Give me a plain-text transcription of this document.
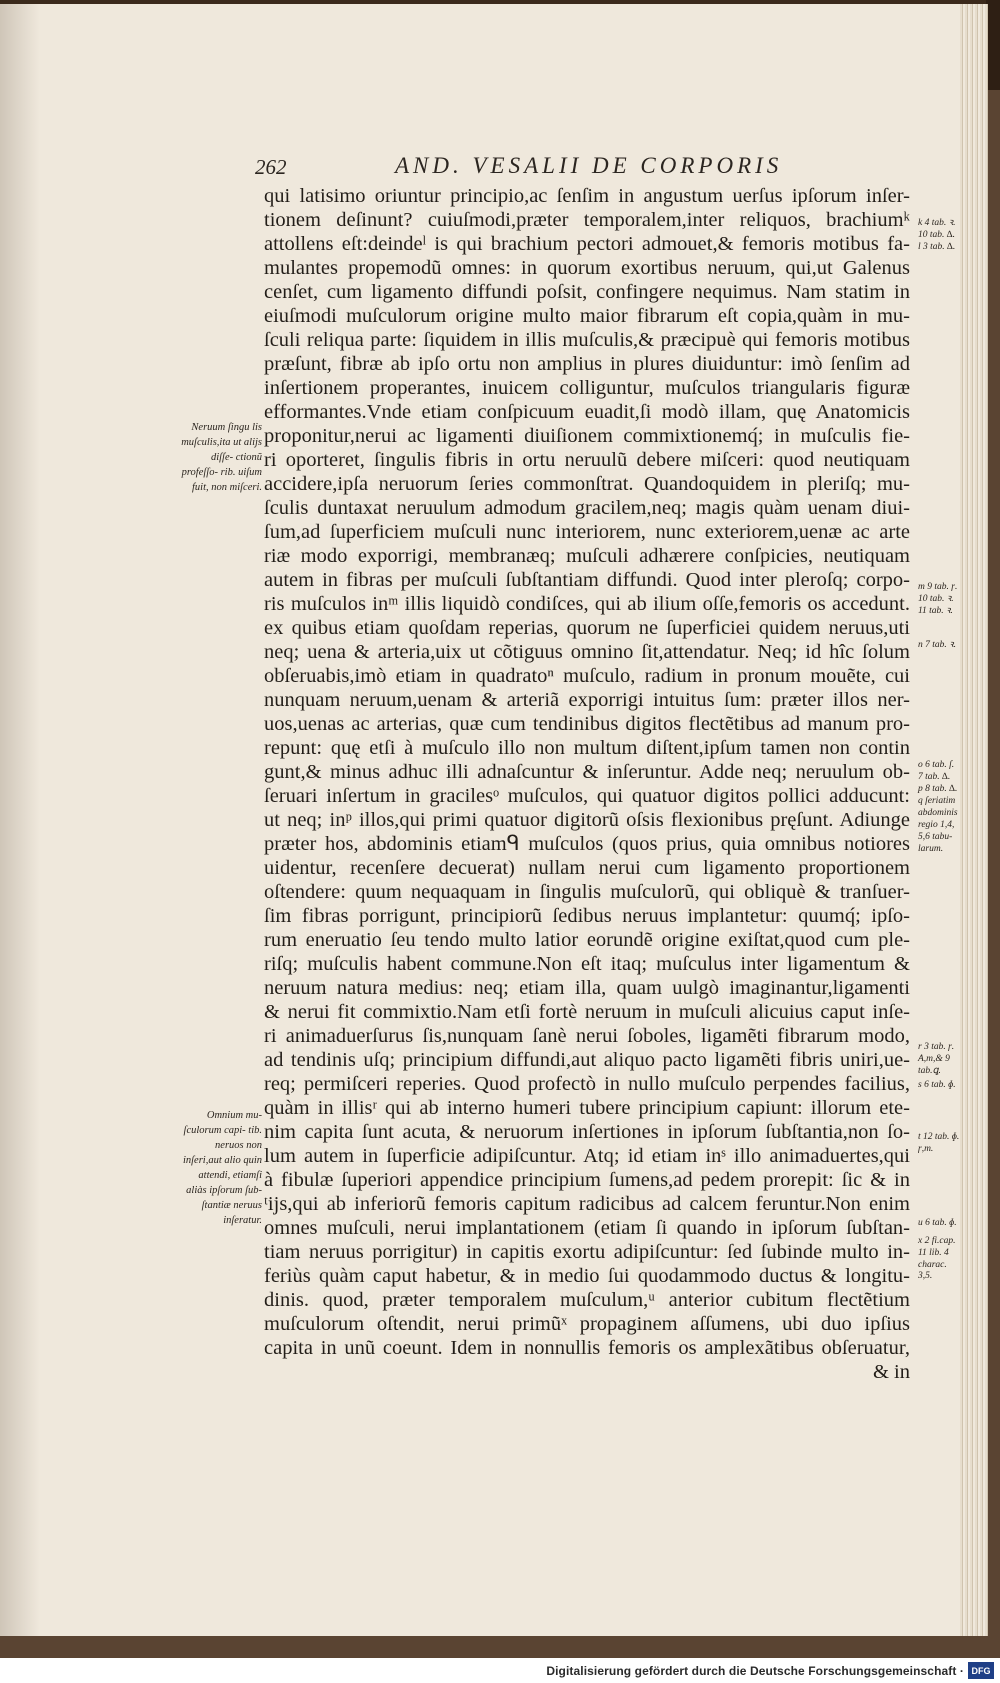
262	AND. VESALII DE CORPORIS
qui latisimo oriuntur principio,ac ſenſim in angustum uerſus ipſorum inſer-
tionem deſinunt? cuiuſmodi,præter temporalem,inter reliquos, brachiumᵏ
attollens eſt:deindeˡ is qui brachium pectori admouet,& femoris motibus fa-
mulantes propemodũ omnes: in quorum exortibus neruum, qui,ut Galenus
cenſet, cum ligamento diffundi poſsit, confingere nequimus. Nam statim in
eiuſmodi muſculorum origine multo maior fibrarum eſt copia,quàm in mu-
ſculi reliqua parte: ſiquidem in illis muſculis,& præcipuè qui femoris motibus
præſunt, fibræ ab ipſo ortu non amplius in plures diuiduntur: imò ſenſim ad
inſertionem properantes, inuicem colliguntur, muſculos triangularis figuræ
efformantes.Vnde etiam conſpicuum euadit,ſi modò illam, quę Anatomicis
proponitur,nerui ac ligamenti diuiſionem commixtionemq́; in muſculis fie-
ri oporteret, ſingulis fibris in ortu neruulũ debere miſceri: quod neutiquam
accidere,ipſa neruorum ſeries commonſtrat. Quandoquidem in pleriſq; mu-
ſculis duntaxat neruulum admodum gracilem,neq; magis quàm uenam diui-
ſum,ad ſuperficiem muſculi nunc interiorem, nunc exteriorem,uenæ ac arte
riæ modo exporrigi, membranæq; muſculi adhærere conſpicies, neutiquam
autem in fibras per muſculi ſubſtantiam diffundi. Quod inter pleroſq; corpo-
ris muſculos inᵐ illis liquidò condiſces, qui ab ilium oſſe,femoris os accedunt.
ex quibus etiam quoſdam reperias, quorum ne ſuperficiei quidem neruus,uti
neq; uena & arteria,uix ut cõtiguus omnino ſit,attendatur. Neq; id hîc ſolum
obſeruabis,imò etiam in quadratoⁿ muſculo, radium in pronum mouẽte, cui
nunquam neruum,uenam & arteriã exporrigi intuitus ſum: præter illos ner-
uos,uenas ac arterias, quæ cum tendinibus digitos flectẽtibus ad manum pro-
repunt: quę etſi à muſculo illo non multum diſtent,ipſum tamen non contin
gunt,& minus adhuc illi adnaſcuntur & inſeruntur. Adde neq; neruulum ob-
ſeruari inſertum in gracilesᵒ muſculos, qui quatuor digitos pollici adducunt:
ut neq; inᵖ illos,qui primi quatuor digitorũ oſsis flexionibus pręſunt. Adiunge
præter hos, abdominis etiamᑫ muſculos (quos prius, quia omnibus notiores
uidentur, recenſere decuerat) nullam nerui cum ligamento proportionem
oſtendere: quum nequaquam in ſingulis muſculorũ, qui obliquè & tranſuer-
ſim fibras porrigunt, principiorũ ſedibus neruus implantetur: quumq́; ipſo-
rum eneruatio ſeu tendo multo latior eorundẽ origine exiſtat,quod cum ple-
riſq; muſculis habent commune.Non eſt itaq; muſculus inter ligamentum &
neruum natura medius: neq; etiam illa, quam uulgò imaginantur,ligamenti
& nerui fit commixtio.Nam etſi fortè neruum in muſculi alicuius caput inſe-
ri animaduerſurus ſis,nunquam ſanè nerui ſoboles, ligamẽti fibrarum modo,
ad tendinis uſq; principium diffundi,aut aliquo pacto ligamẽti fibris uniri,ue-
req; permiſceri reperies. Quod profectò in nullo muſculo perpendes facilius,
quàm in illisʳ qui ab interno humeri tubere principium capiunt: illorum ete-
nim capita ſunt acuta, & neruorum inſertiones in ipſorum ſubſtantia,non ſo-
lum autem in ſuperficie adipiſcuntur. Atq; id etiam inˢ illo animaduertes,qui
à fibulæ ſuperiori appendice principium ſumens,ad pedem prorepit: ſic & in
ᵗijs,qui ab inferiorũ femoris capitum radicibus ad calcem feruntur.Non enim
omnes muſculi, nerui implantationem (etiam ſi quando in ipſorum ſubſtan-
tiam neruus porrigitur) in capitis exortu adipiſcuntur: ſed ſubinde multo in-
feriùs quàm caput habetur, & in medio ſui quodammodo ductus & longitu-
dinis. quod, præter temporalem muſculum,ᵘ anterior cubitum flectẽtium
muſculorum oſtendit, nerui primũˣ propaginem aſſumens, ubi duo ipſius
capita in unũ coeunt. Idem in nonnullis femoris os amplexãtibus obſeruatur,
& in
Neruum ſingu lis muſculis,ita ut alijs diſſe- ctionũ profeſſo- rib. uiſum fuit, non miſceri.
Omnium mu- ſculorum capi- tib. neruos non inſeri,aut alio quin attendi, etiamſi aliàs ipſorum ſub- ſtantiæ neruus inſeratur.
k 4 tab. ꝛ.
10 tab. ∆.
l 3 tab. ∆.
m 9 tab. ɼ.
10 tab. ꝛ.
11 tab. ꝛ.
n 7 tab. ꝛ.
o 6 tab. ſ.
7 tab. ∆.
p 8 tab. ∆.
q ſeriatim
abdominis
regio 1,4,
5,6 tabu-
larum.
r 3 tab. ɼ.
A,m,& 9
tab.ꝗ.
s 6 tab. ɸ.
t 12 tab. ɸ.
ɼ,m.
u 6 tab. ɸ.
x 2 fi.cap.
11 lib. 4
charac. 3,5.
Digitalisierung gefördert durch die Deutsche Forschungsgemeinschaft · DFG
